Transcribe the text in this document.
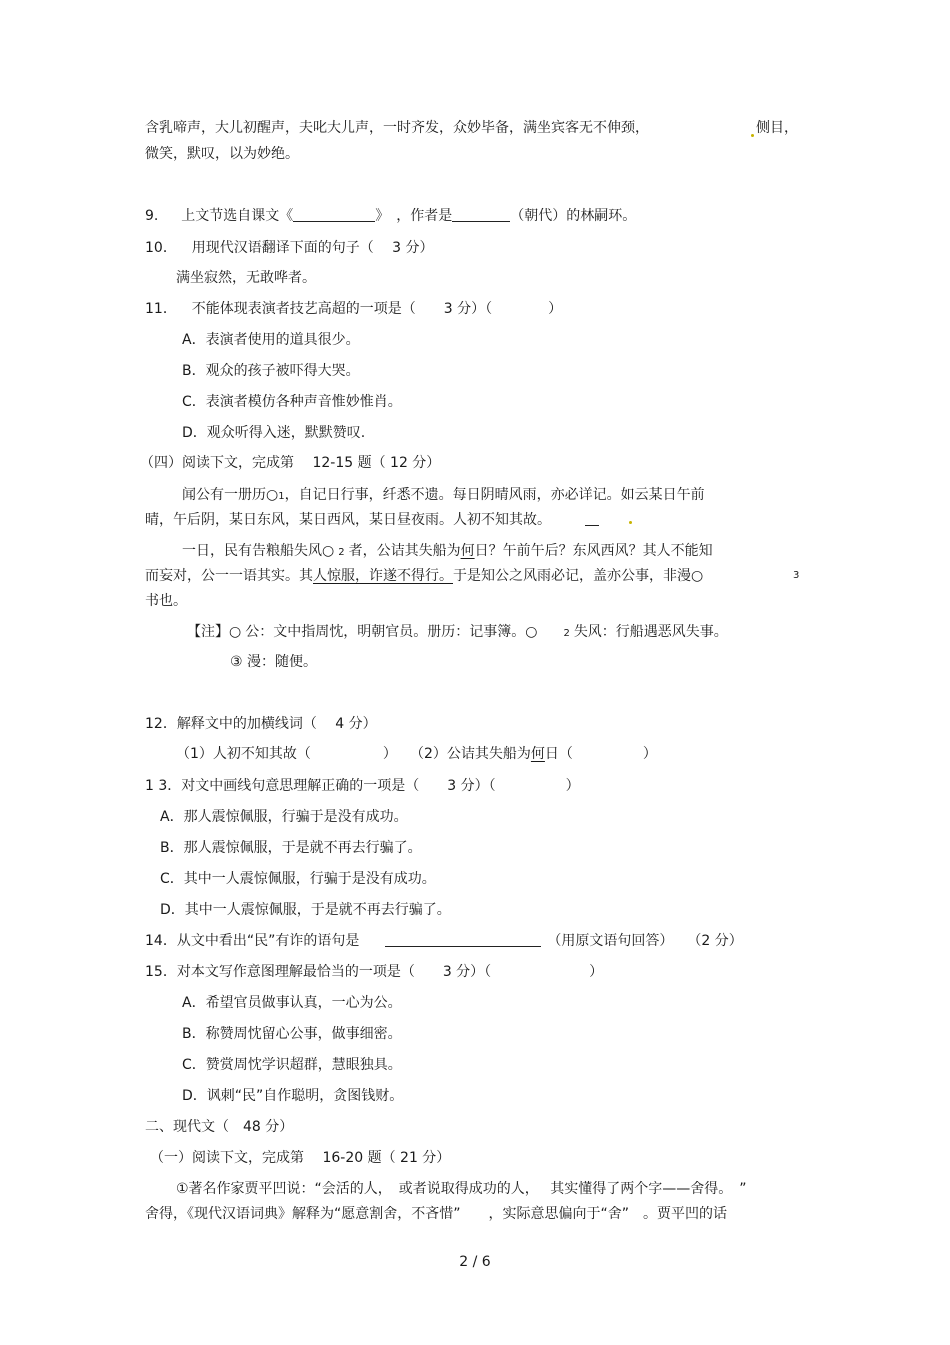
含乳啼声，大儿初醒声，夫叱大儿声，一时齐发，众妙毕备，满坐宾客无不伸颈，	侧目，
微笑，默叹，以为妙绝。
9. 上文节选自课文《	》　，作者是	（朝代）的林嗣环。
10． 用现代汉语翻译下面的句子（　 3 分）
满坐寂然，无敢哗者。
11． 不能体现表演者技艺高超的一项是（　　3 分）（　　　　）
A．表演者使用的道具很少。
B．观众的孩子被吓得大哭。
C．表演者模仿各种声音惟妙惟肖。
D．观众听得入迷，默默赞叹.
（四）阅读下文，完成第　 12-15 题（ 12 分）
闻公有一册历○1，自记日行事，纤悉不遗。每日阴晴风雨，亦必详记。如云某日午前
晴，午后阴，某日东风，某日西风，某日昼夜雨。人初不知其故。
一日，民有告粮船失风○ 2 者，公诘其失船为何日？午前午后？东风西风？其人不能知
而妄对，公一一语其实。其人惊服，诈遂不得行。于是知公之风雨必记，盖亦公事，非漫○	3
书也。
【注】○ 公：文中指周忱，明朝官员。册历：记事簿。○	2 失风：行船遇恶风失事。
③ 漫：随便。
12．解释文中的加横线词（　 4 分）
（1）人初不知其故（	） （2）公诘其失船为何日（	）
1 3．对文中画线句意思理解正确的一项是（　　3 分）（　　　　　）
A．那人震惊佩服，行骗于是没有成功。
B．那人震惊佩服，于是就不再去行骗了。
C．其中一人震惊佩服，行骗于是没有成功。
D．其中一人震惊佩服，于是就不再去行骗了。
14．从文中看出“民”有诈的语句是	（用原文语句回答）　　（2 分）
15．对本文写作意图理解最恰当的一项是（　　3 分）（　　　　　　　）
A．希望官员做事认真，一心为公。
B．称赞周忱留心公事，做事细密。
C．赞赏周忱学识超群，慧眼独具。
D．讽刺“民”自作聪明，贪图钱财。
二、现代文（　48 分）
（一）阅读下文，完成第　 16-20 题（ 21 分）
①著名作家贾平凹说：“会活的人，　或者说取得成功的人，　 其实懂得了两个字——舍得。　”
舍得，《现代汉语词典》解释为“愿意割舍，不吝惜”　　，实际意思偏向于“舍”　。贾平凹的话
2 / 6
